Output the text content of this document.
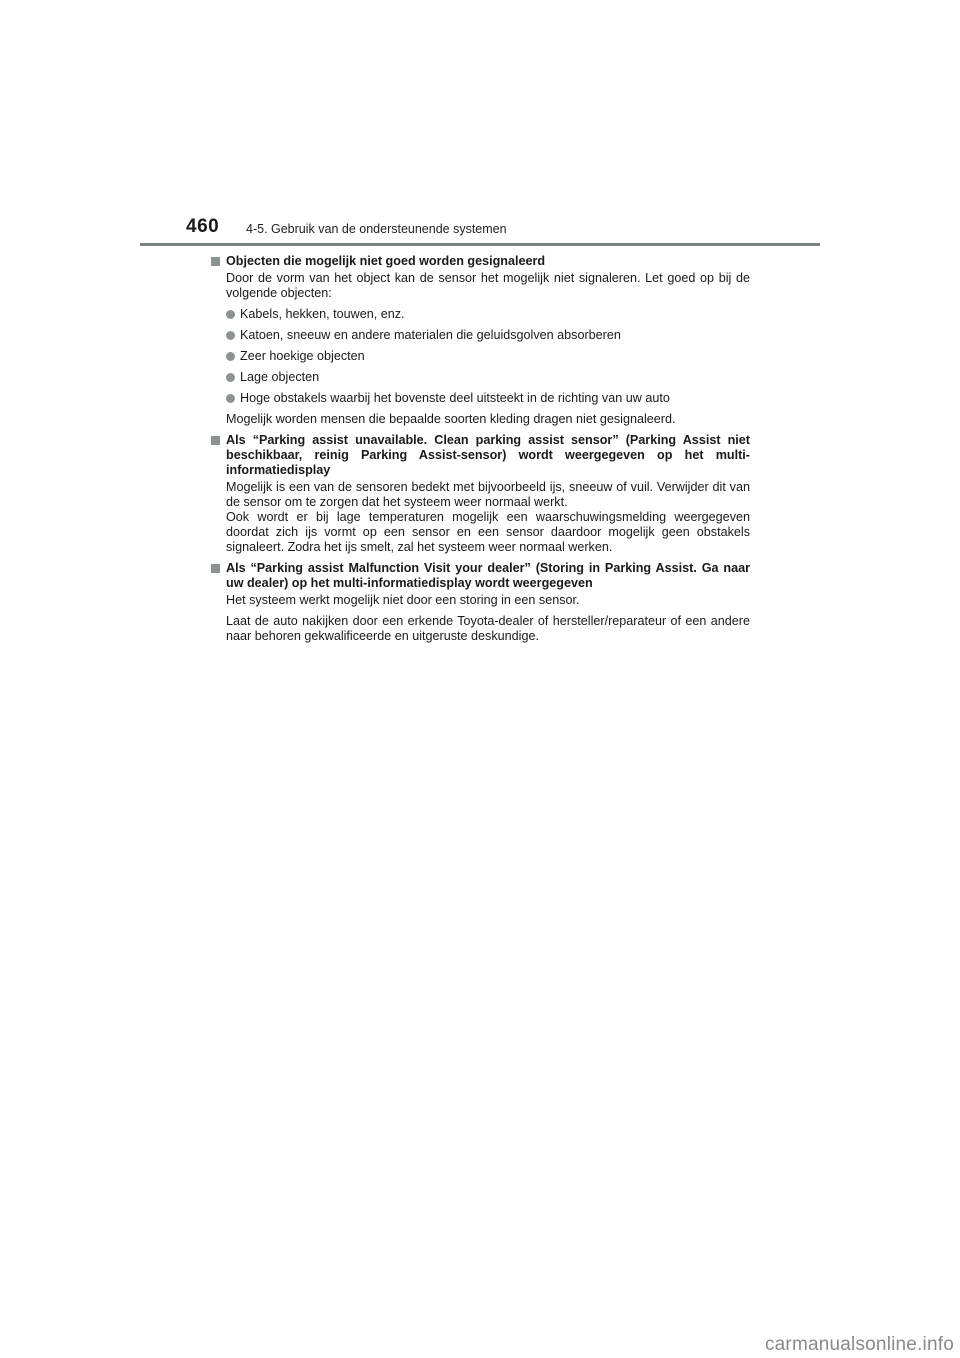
460 4-5. Gebruik van de ondersteunende systemen
Objecten die mogelijk niet goed worden gesignaleerd
Door de vorm van het object kan de sensor het mogelijk niet signaleren. Let goed op bij de volgende objecten:
Kabels, hekken, touwen, enz.
Katoen, sneeuw en andere materialen die geluidsgolven absorberen
Zeer hoekige objecten
Lage objecten
Hoge obstakels waarbij het bovenste deel uitsteekt in de richting van uw auto
Mogelijk worden mensen die bepaalde soorten kleding dragen niet gesignaleerd.
Als “Parking assist unavailable. Clean parking assist sensor” (Parking Assist niet beschikbaar, reinig Parking Assist-sensor) wordt weergegeven op het multi-informatiedisplay
Mogelijk is een van de sensoren bedekt met bijvoorbeeld ijs, sneeuw of vuil. Verwijder dit van de sensor om te zorgen dat het systeem weer normaal werkt.
Ook wordt er bij lage temperaturen mogelijk een waarschuwingsmelding weergegeven doordat zich ijs vormt op een sensor en een sensor daardoor mogelijk geen obstakels signaleert. Zodra het ijs smelt, zal het systeem weer normaal werken.
Als “Parking assist Malfunction Visit your dealer” (Storing in Parking Assist. Ga naar uw dealer) op het multi-informatiedisplay wordt weergegeven
Het systeem werkt mogelijk niet door een storing in een sensor.
Laat de auto nakijken door een erkende Toyota-dealer of hersteller/reparateur of een andere naar behoren gekwalificeerde en uitgeruste deskundige.
carmanualsonline.info
